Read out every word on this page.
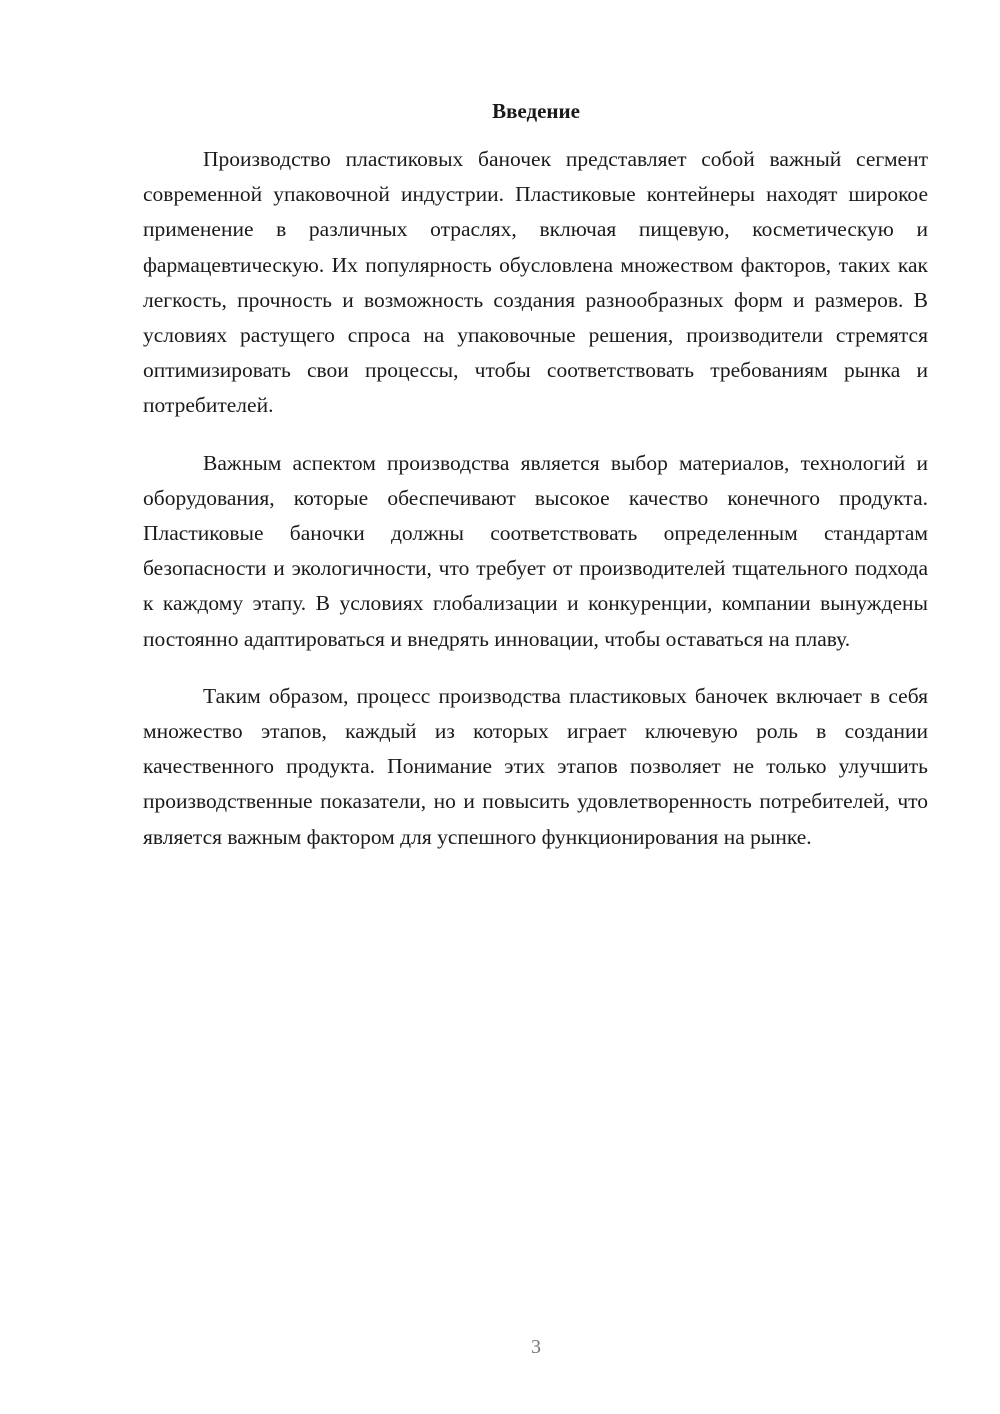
Введение

Производство пластиковых баночек представляет собой важный сегмент современной упаковочной индустрии. Пластиковые контейнеры находят широкое применение в различных отраслях, включая пищевую, косметическую и фармацевтическую. Их популярность обусловлена множеством факторов, таких как легкость, прочность и возможность создания разнообразных форм и размеров. В условиях растущего спроса на упаковочные решения, производители стремятся оптимизировать свои процессы, чтобы соответствовать требованиям рынка и потребителей.

Важным аспектом производства является выбор материалов, технологий и оборудования, которые обеспечивают высокое качество конечного продукта. Пластиковые баночки должны соответствовать определенным стандартам безопасности и экологичности, что требует от производителей тщательного подхода к каждому этапу. В условиях глобализации и конкуренции, компании вынуждены постоянно адаптироваться и внедрять инновации, чтобы оставаться на плаву.

Таким образом, процесс производства пластиковых баночек включает в себя множество этапов, каждый из которых играет ключевую роль в создании качественного продукта. Понимание этих этапов позволяет не только улучшить производственные показатели, но и повысить удовлетворенность потребителей, что является важным фактором для успешного функционирования на рынке.

3
